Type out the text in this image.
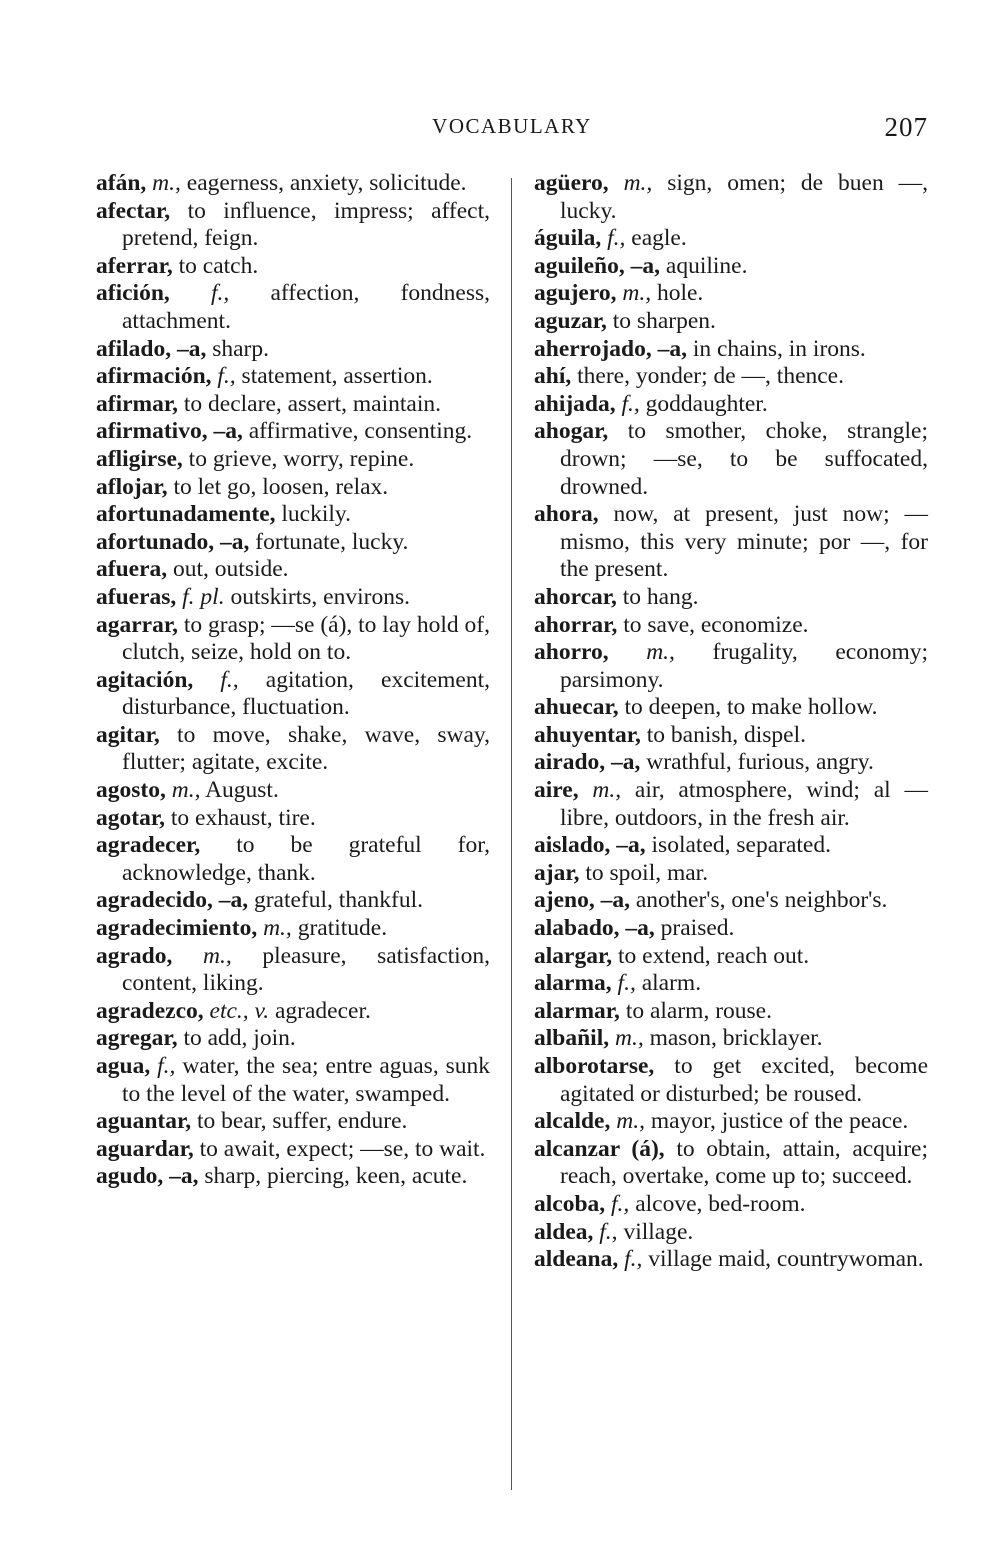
VOCABULARY	207

afán, m., eagerness, anxiety, solicitude.

afectar, to influence, impress; affect, pretend, feign.

aferrar, to catch.

afición, f., affection, fondness, attachment.

afilado, –a, sharp.

afirmación, f., statement, assertion.

afirmar, to declare, assert, maintain.

afirmativo, –a, affirmative, consenting.

afligirse, to grieve, worry, repine.

aflojar, to let go, loosen, relax.

afortunadamente, luckily.

afortunado, –a, fortunate, lucky.

afuera, out, outside.

afueras, f. pl. outskirts, environs.

agarrar, to grasp; —se (á), to lay hold of, clutch, seize, hold on to.

agitación, f., agitation, excitement, disturbance, fluctuation.

agitar, to move, shake, wave, sway, flutter; agitate, excite.

agosto, m., August.

agotar, to exhaust, tire.

agradecer, to be grateful for, acknowledge, thank.

agradecido, –a, grateful, thankful.

agradecimiento, m., gratitude.

agrado, m., pleasure, satisfaction, content, liking.

agradezco, etc., v. agradecer.

agregar, to add, join.

agua, f., water, the sea; entre aguas, sunk to the level of the water, swamped.

aguantar, to bear, suffer, endure.

aguardar, to await, expect; —se, to wait.

agudo, –a, sharp, piercing, keen, acute.

agüero, m., sign, omen; de buen —, lucky.

águila, f., eagle.

aguileño, –a, aquiline.

agujero, m., hole.

aguzar, to sharpen.

aherrojado, –a, in chains, in irons.

ahí, there, yonder; de —, thence.

ahijada, f., goddaughter.

ahogar, to smother, choke, strangle; drown; —se, to be suffocated, drowned.

ahora, now, at present, just now; — mismo, this very minute; por —, for the present.

ahorcar, to hang.

ahorrar, to save, economize.

ahorro, m., frugality, economy; parsimony.

ahuecar, to deepen, to make hollow.

ahuyentar, to banish, dispel.

airado, –a, wrathful, furious, angry.

aire, m., air, atmosphere, wind; al — libre, outdoors, in the fresh air.

aislado, –a, isolated, separated.

ajar, to spoil, mar.

ajeno, –a, another's, one's neighbor's.

alabado, –a, praised.

alargar, to extend, reach out.

alarma, f., alarm.

alarmar, to alarm, rouse.

albañil, m., mason, bricklayer.

alborotarse, to get excited, become agitated or disturbed; be roused.

alcalde, m., mayor, justice of the peace.

alcanzar (á), to obtain, attain, acquire; reach, overtake, come up to; succeed.

alcoba, f., alcove, bed-room.

aldea, f., village.

aldeana, f., village maid, countrywoman.
